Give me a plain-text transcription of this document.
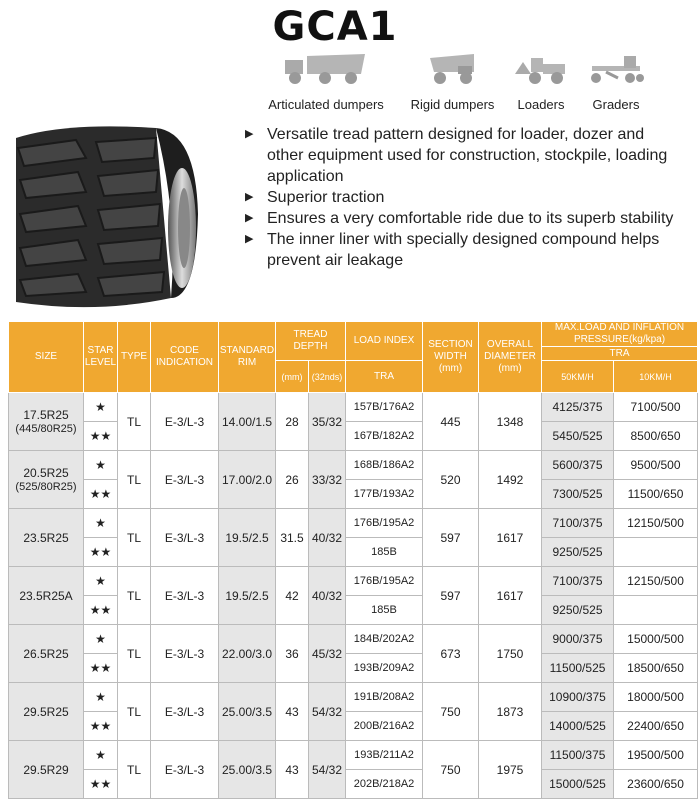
GCA1
Articulated dumpers	Rigid dumpers	Loaders	Graders
▶ Versatile tread pattern designed for loader, dozer and other equipment used for construction, stockpile, loading application
▶ Superior traction
▶ Ensures a very comfortable ride due to its superb stability
▶ The inner liner with specially designed compound helps prevent air leakage
SIZE	STAR LEVEL	TYPE	CODE INDICATION	STANDARD RIM	TREAD DEPTH		LOAD INDEX	SECTION WIDTH (mm)	OVERALL DIAMETER (mm)	MAX.LOAD AND INFLATION PRESSURE(kg/kpa)	
										TRA	
					(mm)	(32nds)	TRA			50KM/H	10KM/H
17.5R25
(445/80R25)	★	TL	E-3/L-3	14.00/1.5	28	35/32	157B/176A2	445	1348	4125/375	7100/500
	★★						167B/182A2			5450/525	8500/650
20.5R25
(525/80R25)	★	TL	E-3/L-3	17.00/2.0	26	33/32	168B/186A2	520	1492	5600/375	9500/500
	★★						177B/193A2			7300/525	11500/650
23.5R25	★	TL	E-3/L-3	19.5/2.5	31.5	40/32	176B/195A2	597	1617	7100/375	12150/500
	★★						185B			9250/525	
23.5R25A	★	TL	E-3/L-3	19.5/2.5	42	40/32	176B/195A2	597	1617	7100/375	12150/500
	★★						185B			9250/525	
26.5R25	★	TL	E-3/L-3	22.00/3.0	36	45/32	184B/202A2	673	1750	9000/375	15000/500
	★★						193B/209A2			11500/525	18500/650
29.5R25	★	TL	E-3/L-3	25.00/3.5	43	54/32	191B/208A2	750	1873	10900/375	18000/500
	★★						200B/216A2			14000/525	22400/650
29.5R29	★	TL	E-3/L-3	25.00/3.5	43	54/32	193B/211A2	750	1975	11500/375	19500/500
	★★						202B/218A2			15000/525	23600/650
